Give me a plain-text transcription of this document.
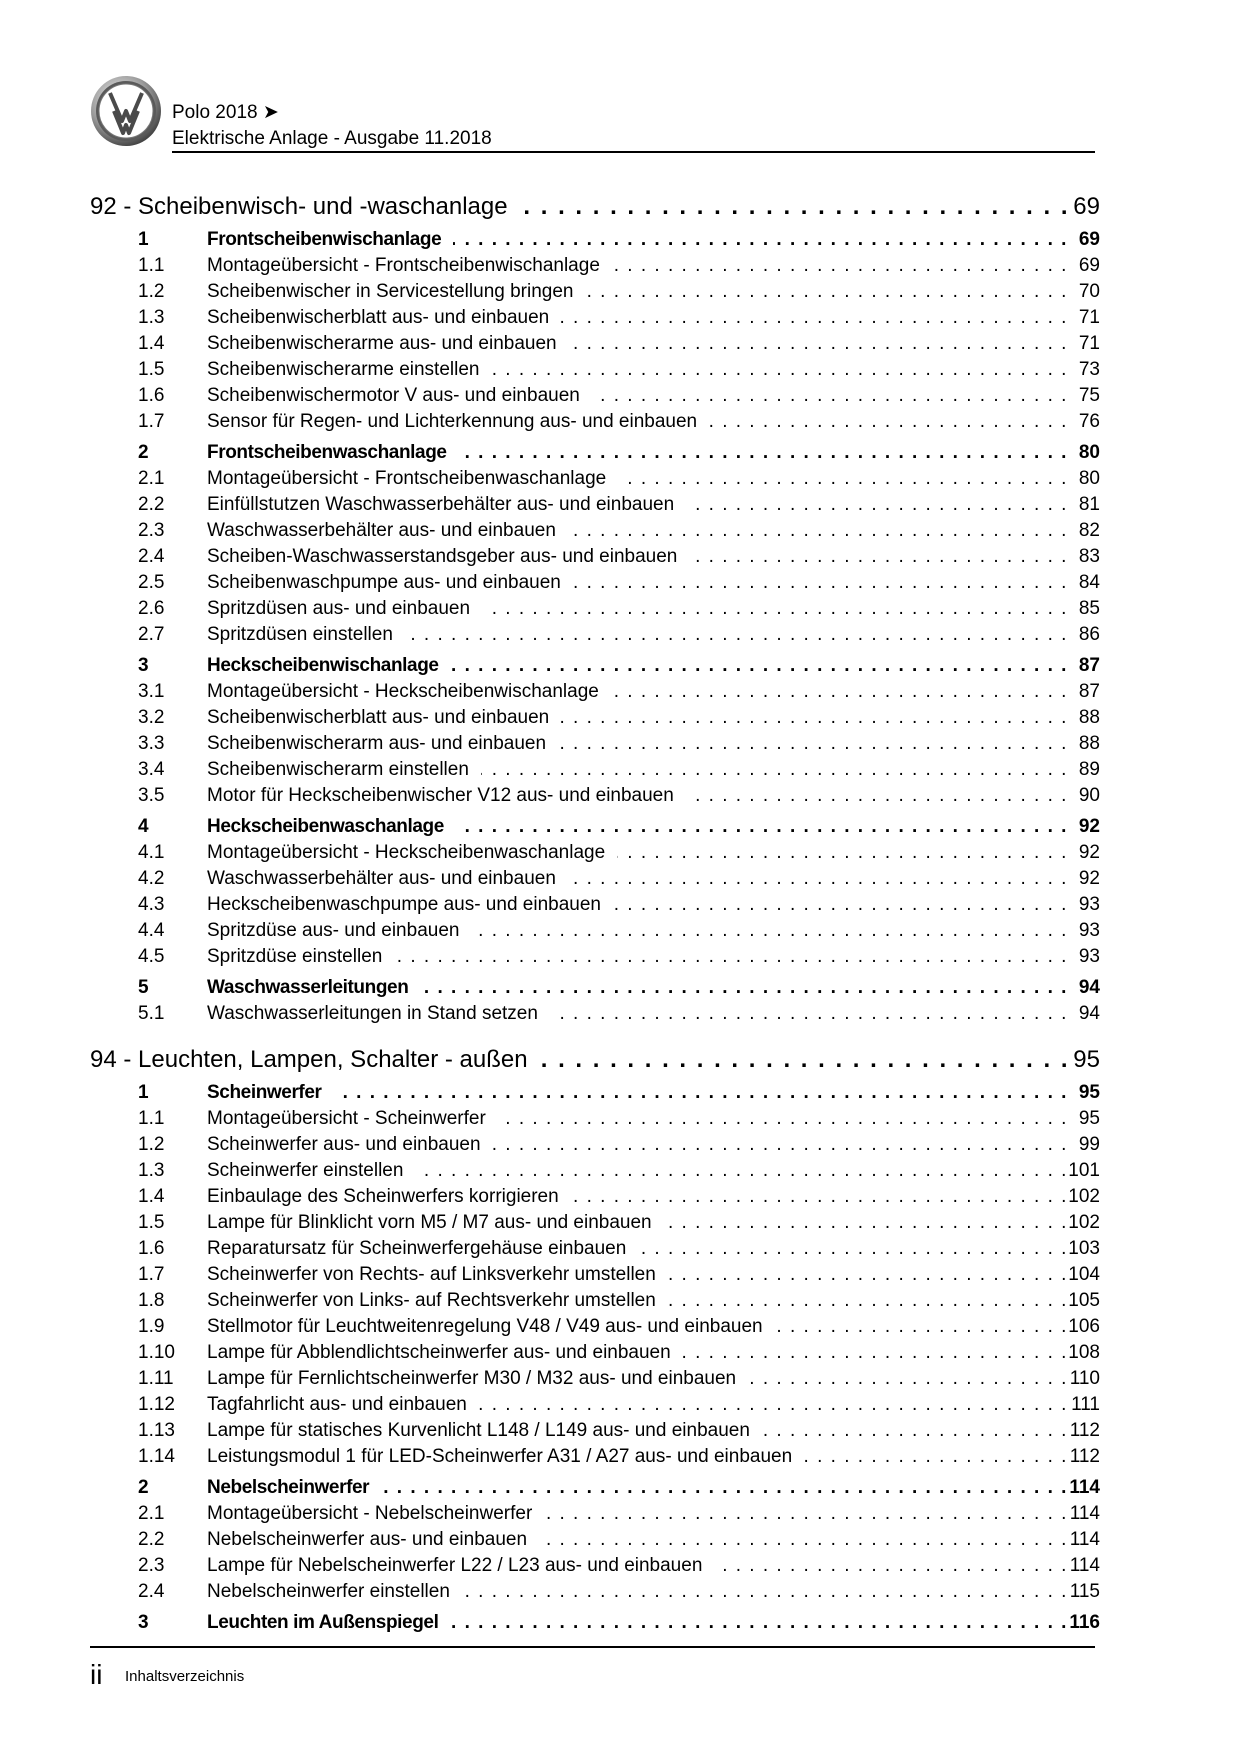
Polo 2018 ➤
Elektrische Anlage - Ausgabe 11.2018
92 - Scheibenwisch- und -waschanlage . . .	69
1	Frontscheibenwischanlage . . .	69
1.1 Montageübersicht - Frontscheibenwischanlage . . .	69
1.2 Scheibenwischer in Servicestellung bringen . . .	70
1.3 Scheibenwischerblatt aus- und einbauen . . .	71
1.4 Scheibenwischerarme aus- und einbauen . . .	71
1.5 Scheibenwischerarme einstellen . . .	73
1.6 Scheibenwischermotor V aus- und einbauen . . .	75
1.7 Sensor für Regen- und Lichterkennung aus- und einbauen . . .	76
2	Frontscheibenwaschanlage . . .	80
2.1 Montageübersicht - Frontscheibenwaschanlage . . .	80
2.2 Einfüllstutzen Waschwasserbehälter aus- und einbauen . . .	81
2.3 Waschwasserbehälter aus- und einbauen . . .	82
2.4 Scheiben-Waschwasserstandsgeber aus- und einbauen . . .	83
2.5 Scheibenwaschpumpe aus- und einbauen . . .	84
2.6 Spritzdüsen aus- und einbauen . . .	85
2.7 Spritzdüsen einstellen . . .	86
3	Heckscheibenwischanlage . . .	87
3.1 Montageübersicht - Heckscheibenwischanlage . . .	87
3.2 Scheibenwischerblatt aus- und einbauen . . .	88
3.3 Scheibenwischerarm aus- und einbauen . . .	88
3.4 Scheibenwischerarm einstellen . . .	89
3.5 Motor für Heckscheibenwischer V12 aus- und einbauen . . .	90
4	Heckscheibenwaschanlage . . .	92
4.1 Montageübersicht - Heckscheibenwaschanlage . . .	92
4.2 Waschwasserbehälter aus- und einbauen . . .	92
4.3 Heckscheibenwaschpumpe aus- und einbauen . . .	93
4.4 Spritzdüse aus- und einbauen . . .	93
4.5 Spritzdüse einstellen . . .	93
5	Waschwasserleitungen . . .	94
5.1 Waschwasserleitungen in Stand setzen . . .	94
94 - Leuchten, Lampen, Schalter - außen . . .	95
1	Scheinwerfer . . .	95
1.1 Montageübersicht - Scheinwerfer . . .	95
1.2 Scheinwerfer aus- und einbauen . . .	99
1.3 Scheinwerfer einstellen . . .	101
1.4 Einbaulage des Scheinwerfers korrigieren . . .	102
1.5 Lampe für Blinklicht vorn M5 / M7 aus- und einbauen . . .	102
1.6 Reparatursatz für Scheinwerfergehäuse einbauen . . .	103
1.7 Scheinwerfer von Rechts- auf Linksverkehr umstellen . . .	104
1.8 Scheinwerfer von Links- auf Rechtsverkehr umstellen . . .	105
1.9 Stellmotor für Leuchtweitenregelung V48 / V49 aus- und einbauen . . .	106
1.10 Lampe für Abblendlichtscheinwerfer aus- und einbauen . . .	108
1.11 Lampe für Fernlichtscheinwerfer M30 / M32 aus- und einbauen . . .	110
1.12 Tagfahrlicht aus- und einbauen . . .	111
1.13 Lampe für statisches Kurvenlicht L148 / L149 aus- und einbauen . . .	112
1.14 Leistungsmodul 1 für LED-Scheinwerfer A31 / A27 aus- und einbauen . . .	112
2	Nebelscheinwerfer . . .	114
2.1 Montageübersicht - Nebelscheinwerfer . . .	114
2.2 Nebelscheinwerfer aus- und einbauen . . .	114
2.3 Lampe für Nebelscheinwerfer L22 / L23 aus- und einbauen . . .	114
2.4 Nebelscheinwerfer einstellen . . .	115
3	Leuchten im Außenspiegel . . .	116
ii Inhaltsverzeichnis
